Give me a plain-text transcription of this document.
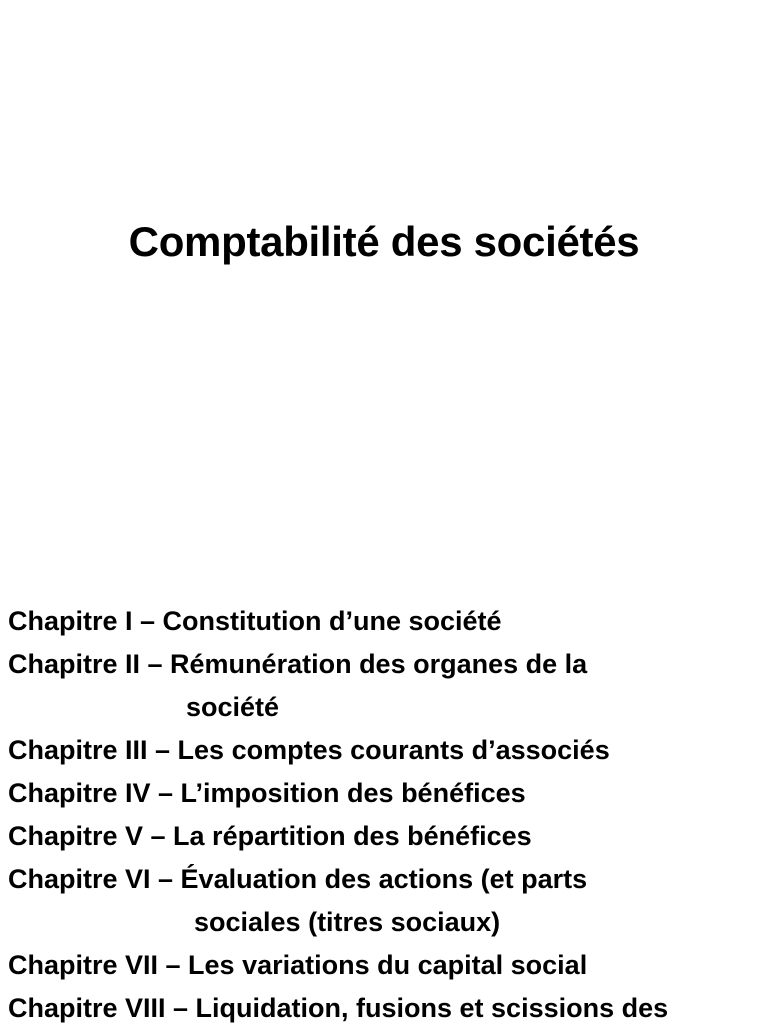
Comptabilité des sociétés
Chapitre I – Constitution d’une société
Chapitre II – Rémunération des organes de la
société
Chapitre III – Les comptes courants d’associés
Chapitre IV – L’imposition des bénéfices
Chapitre V – La répartition des bénéfices
Chapitre VI – Évaluation des actions (et parts
sociales (titres sociaux)
Chapitre VII – Les variations du capital social
Chapitre VIII – Liquidation, fusions et scissions des
